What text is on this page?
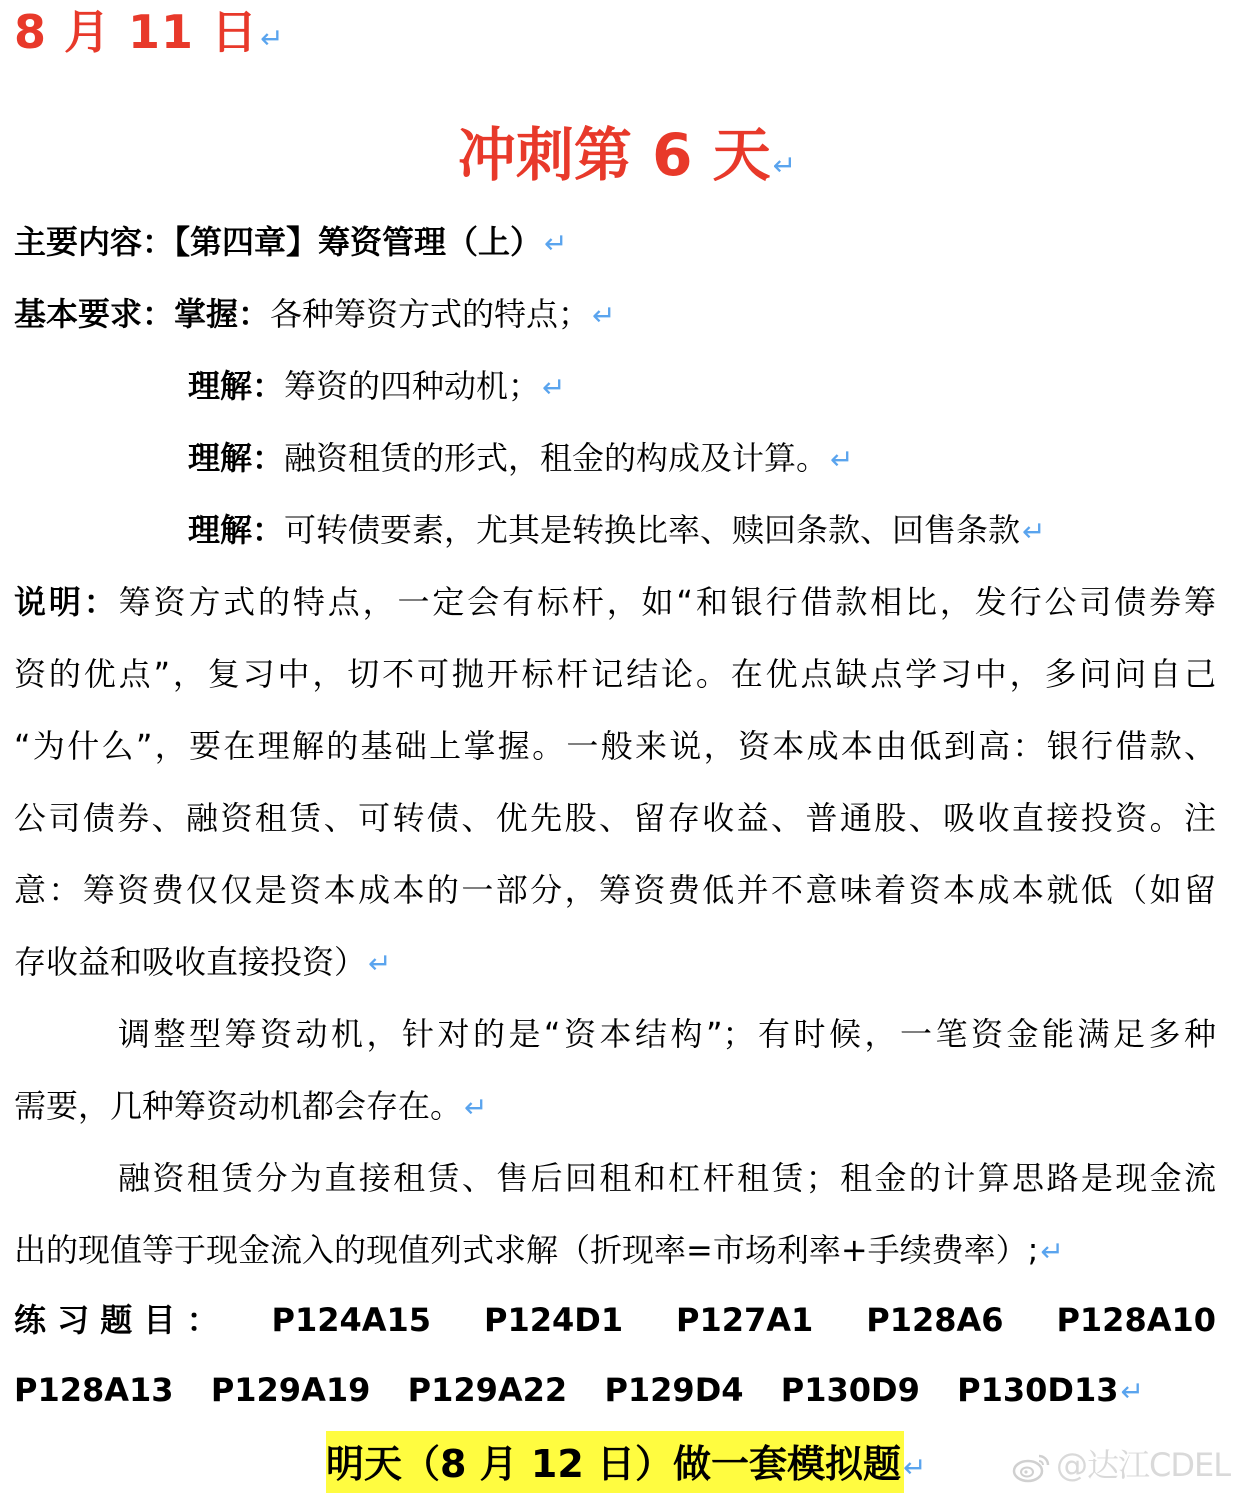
8 月 11 日↵
冲刺第 6 天↵
主要内容：【第四章】筹资管理（上）↵
基本要求：掌握：各种筹资方式的特点；↵
理解：筹资的四种动机；↵
理解：融资租赁的形式，租金的构成及计算。↵
理解：可转债要素，尤其是转换比率、赎回条款、回售条款↵
说明：筹资方式的特点，一定会有标杆，如“和银行借款相比，发行公司债券筹
资的优点”，复习中，切不可抛开标杆记结论。在优点缺点学习中，多问问自己
“为什么”，要在理解的基础上掌握。一般来说，资本成本由低到高：银行借款、
公司债券、融资租赁、可转债、优先股、留存收益、普通股、吸收直接投资。注
意：筹资费仅仅是资本成本的一部分，筹资费低并不意味着资本成本就低（如留
存收益和吸收直接投资）↵
调整型筹资动机，针对的是“资本结构”；有时候，一笔资金能满足多种
需要，几种筹资动机都会存在。↵
融资租赁分为直接租赁、售后回租和杠杆租赁；租金的计算思路是现金流
出的现值等于现金流入的现值列式求解（折现率=市场利率+手续费率）;↵
练 习 题 目 ： P124A15 P124D1 P127A1 P128A6 P128A10
P128A13 P129A19 P129A22 P129D4 P130D9 P130D13↵
明天（8 月 12 日）做一套模拟题↵	@达江CDEL
